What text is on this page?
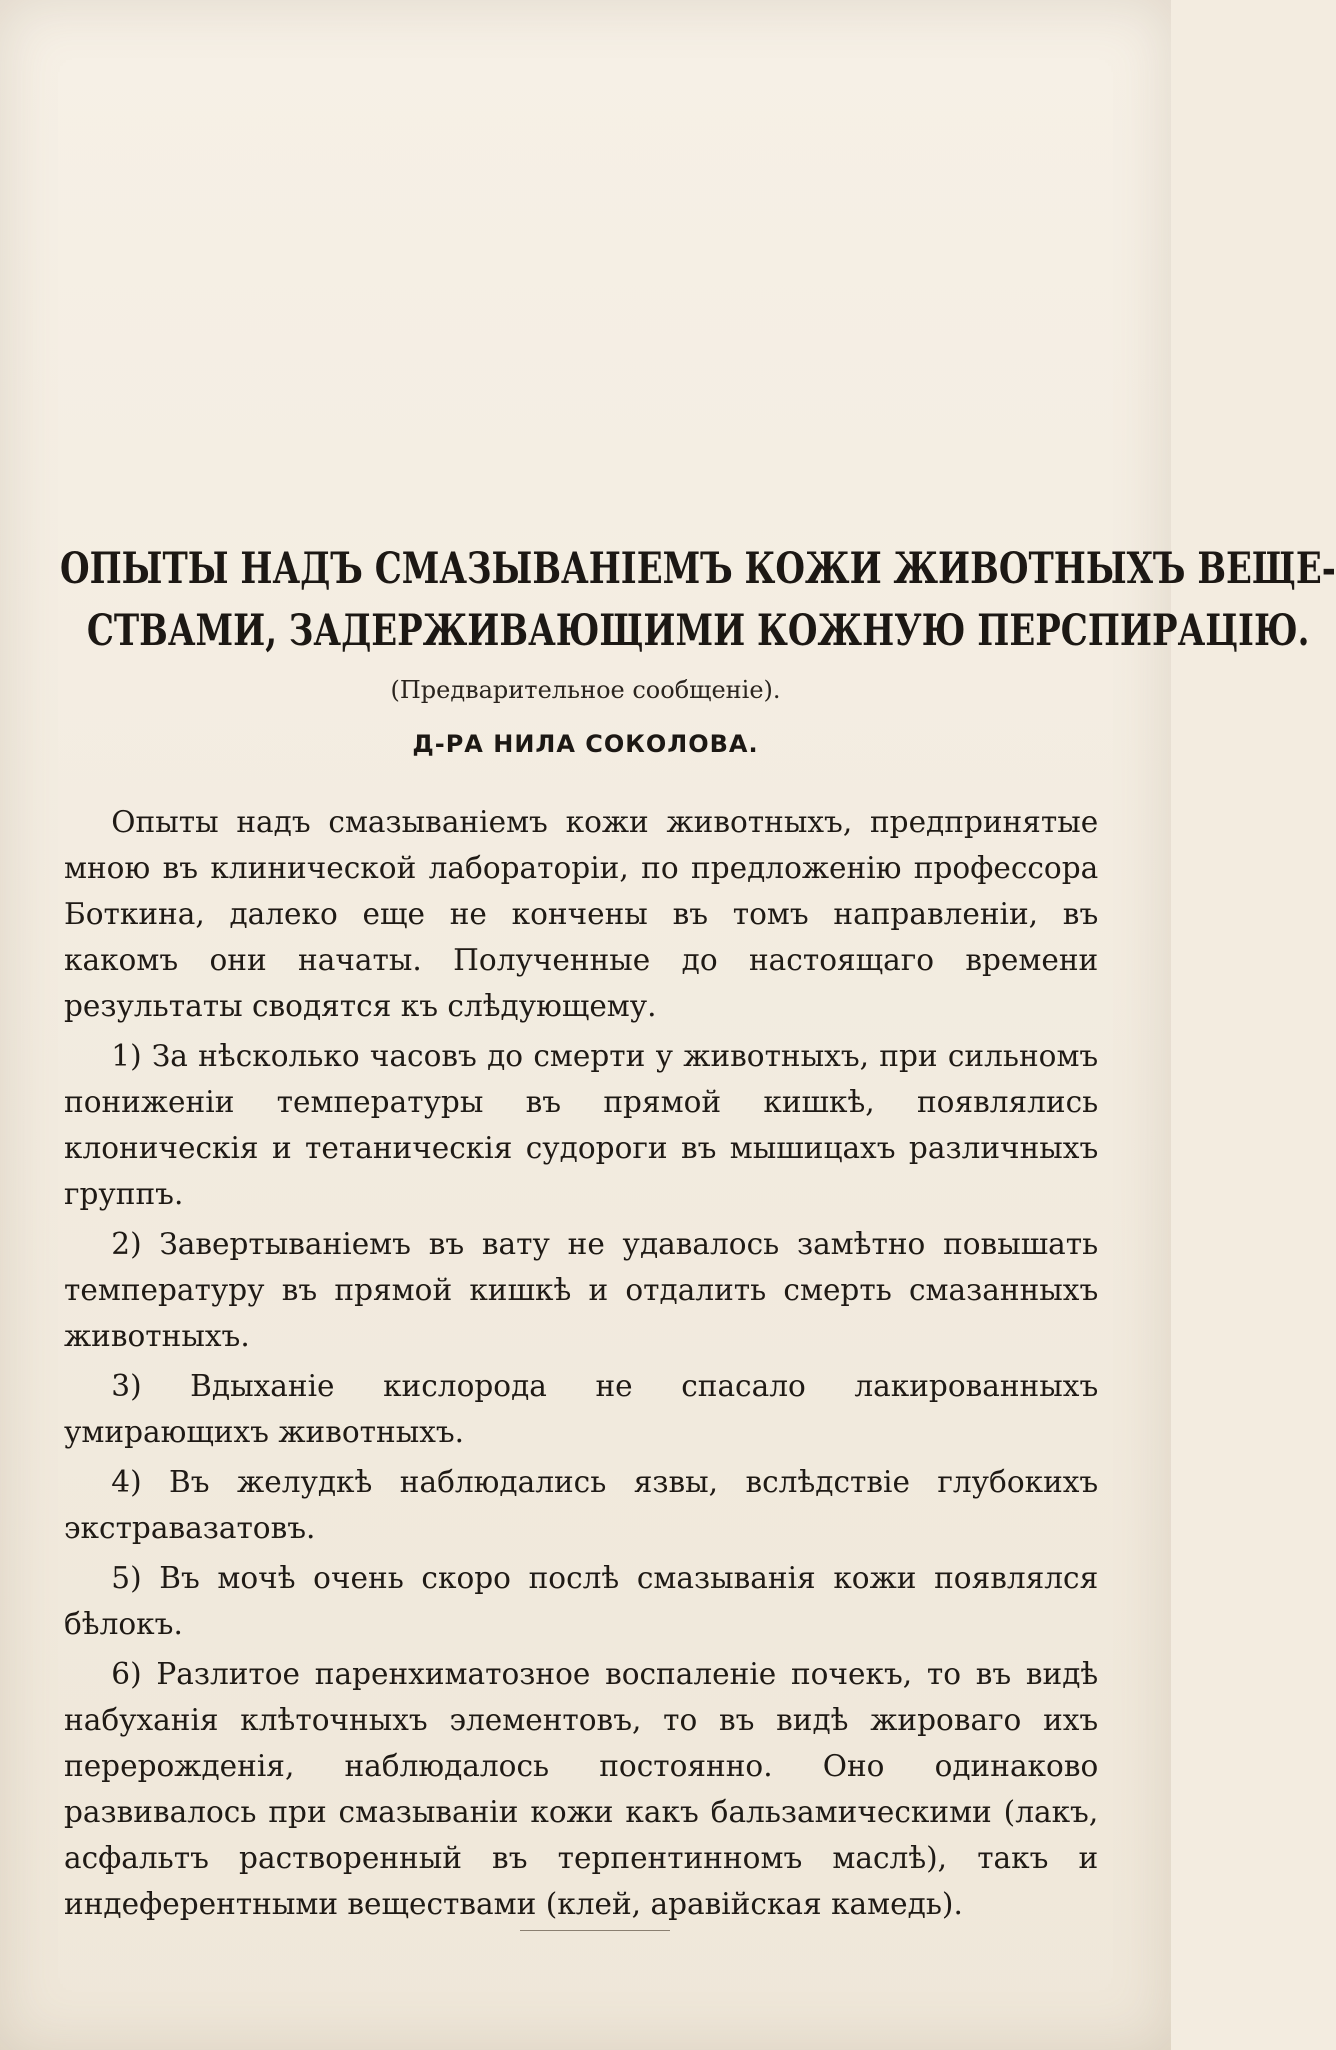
ОПЫТЫ НАДЪ СМАЗЫВАНІЕМЪ КОЖИ ЖИВОТНЫХЪ ВЕЩЕ-
СТВАМИ, ЗАДЕРЖИВАЮЩИМИ КОЖНУЮ ПЕРСПИРАЦІЮ.

(Предварительное сообщеніе).

Д-РА НИЛА СОКОЛОВА.

Опыты надъ смазываніемъ кожи животныхъ, предпринятые мною въ клинической лабораторіи, по предложенію профессора Боткина, далеко еще не кончены въ томъ направленіи, въ какомъ они начаты. Полученные до настоящаго времени результаты сводятся къ слѣдующему.

1) За нѣсколько часовъ до смерти у животныхъ, при сильномъ пониженіи температуры въ прямой кишкѣ, появлялись клоническія и тетаническія судороги въ мышицахъ различныхъ группъ.

2) Завертываніемъ въ вату не удавалось замѣтно повышать температуру въ прямой кишкѣ и отдалить смерть смазанныхъ животныхъ.

3) Вдыханіе кислорода не спасало лакированныхъ умирающихъ животныхъ.

4) Въ желудкѣ наблюдались язвы, вслѣдствіе глубокихъ экстравазатовъ.

5) Въ мочѣ очень скоро послѣ смазыванія кожи появлялся бѣлокъ.

6) Разлитое паренхиматозное воспаленіе почекъ, то въ видѣ набуханія клѣточныхъ элементовъ, то въ видѣ жироваго ихъ перерожденія, наблюдалось постоянно. Оно одинаково развивалось при смазываніи кожи какъ бальзамическими (лакъ, асфальтъ растворенный въ терпентинномъ маслѣ), такъ и индеферентными веществами (клей, аравійская камедь).
